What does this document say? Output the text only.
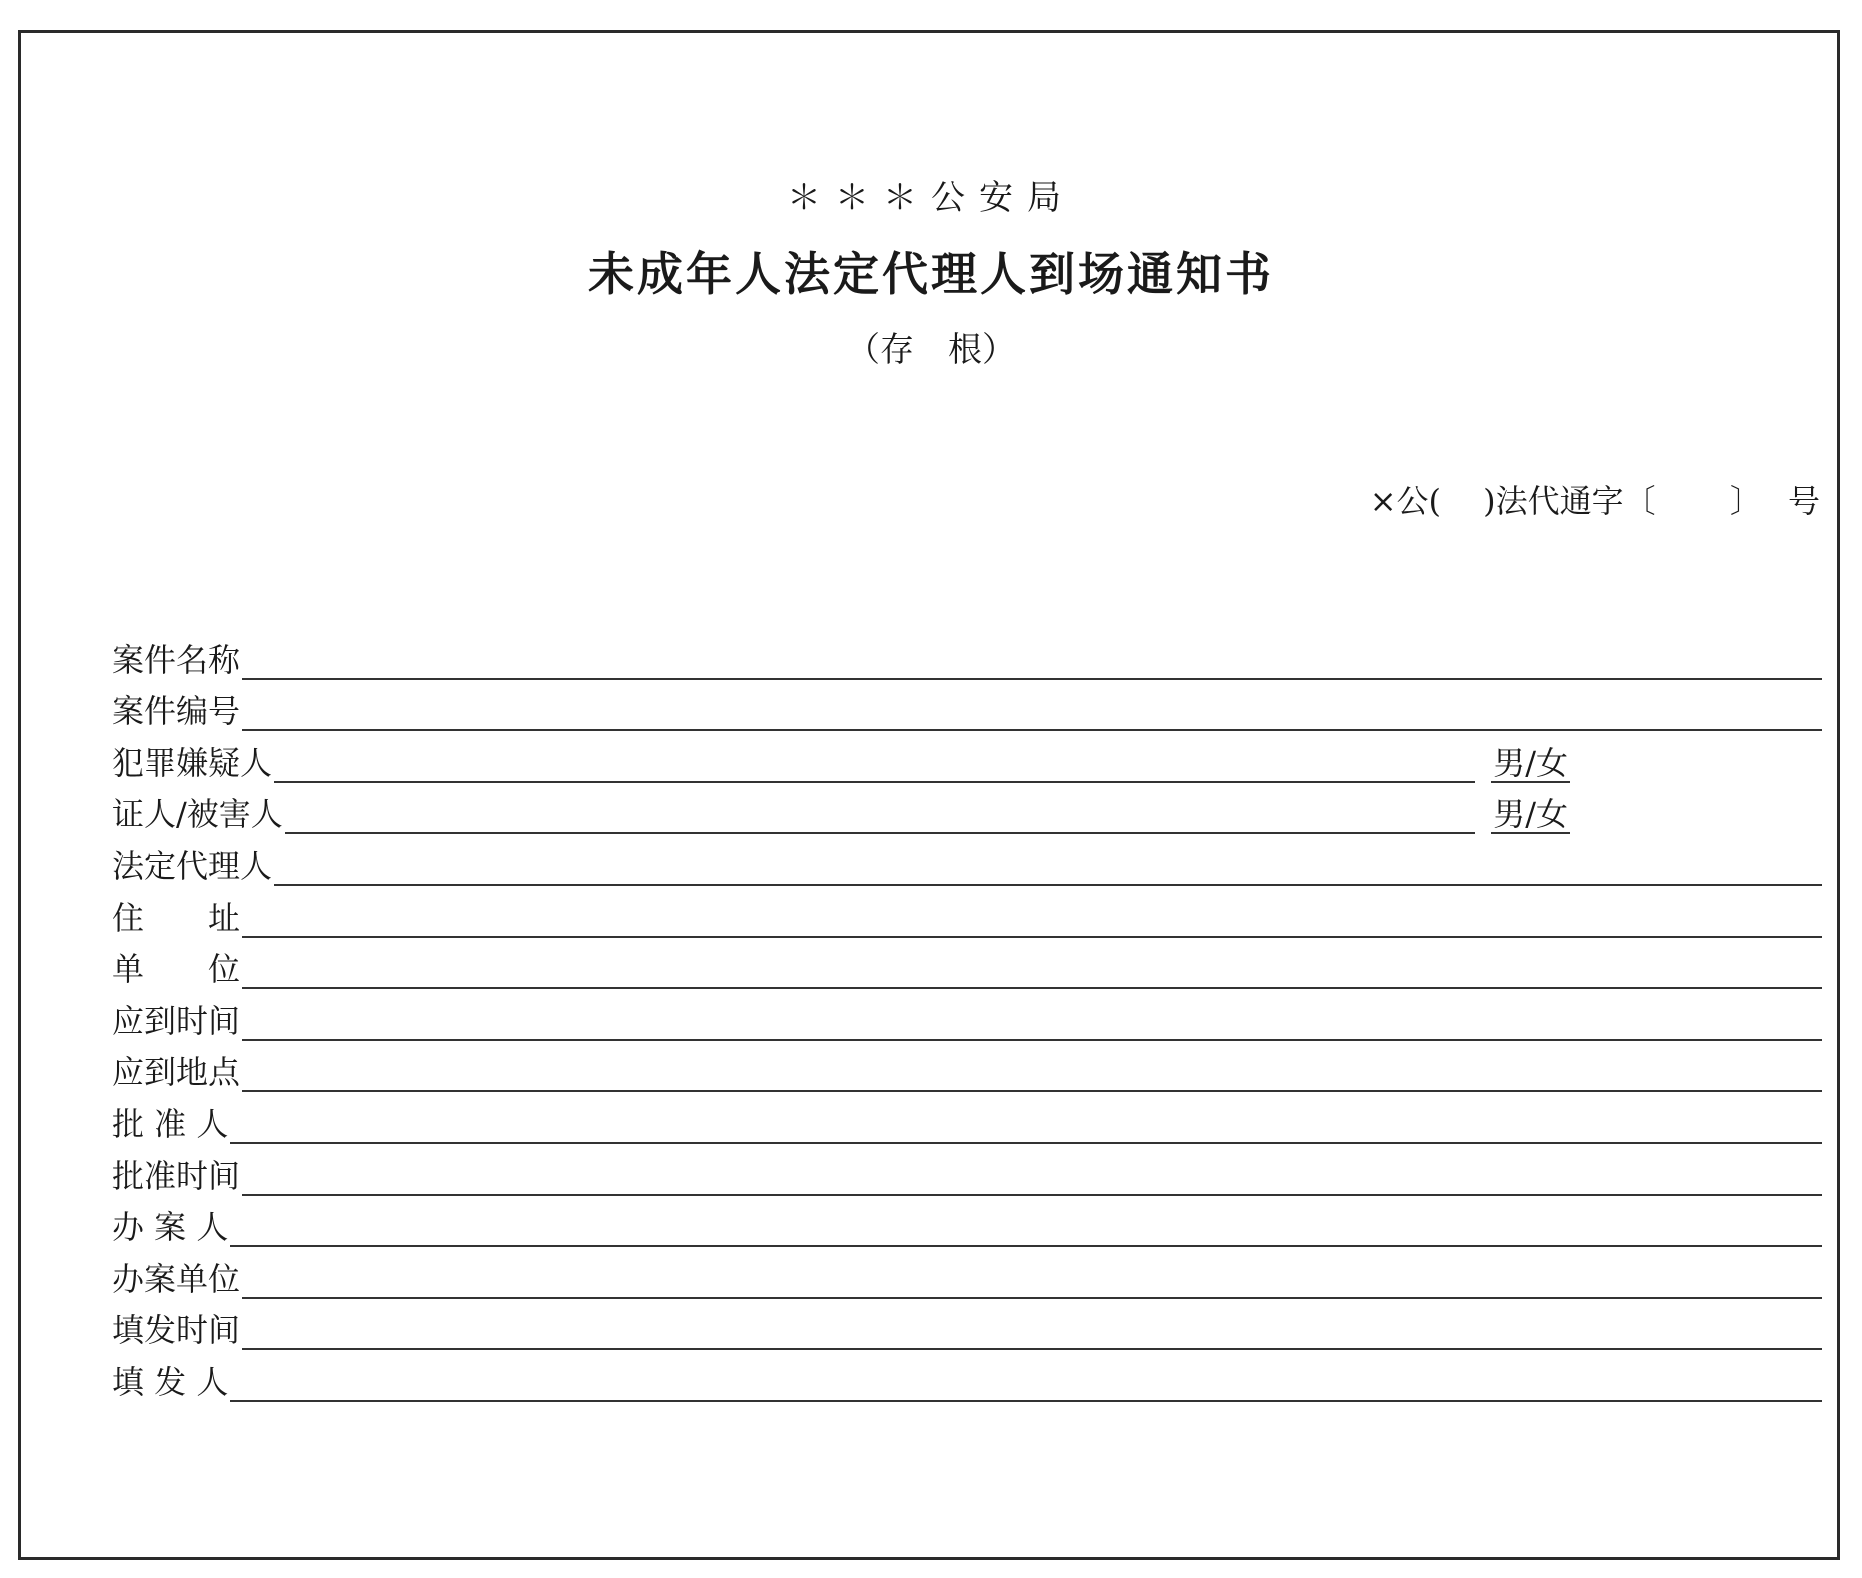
＊＊＊公安局
未成年人法定代理人到场通知书
（存　根）
×公(　 )法代通字〔　　 〕　 号
案件名称
案件编号
犯罪嫌疑人	男/女
证人/被害人	男/女
法定代理人
住　　址
单　　位
应到时间
应到地点
批 准 人
批准时间
办 案 人
办案单位
填发时间
填 发 人
